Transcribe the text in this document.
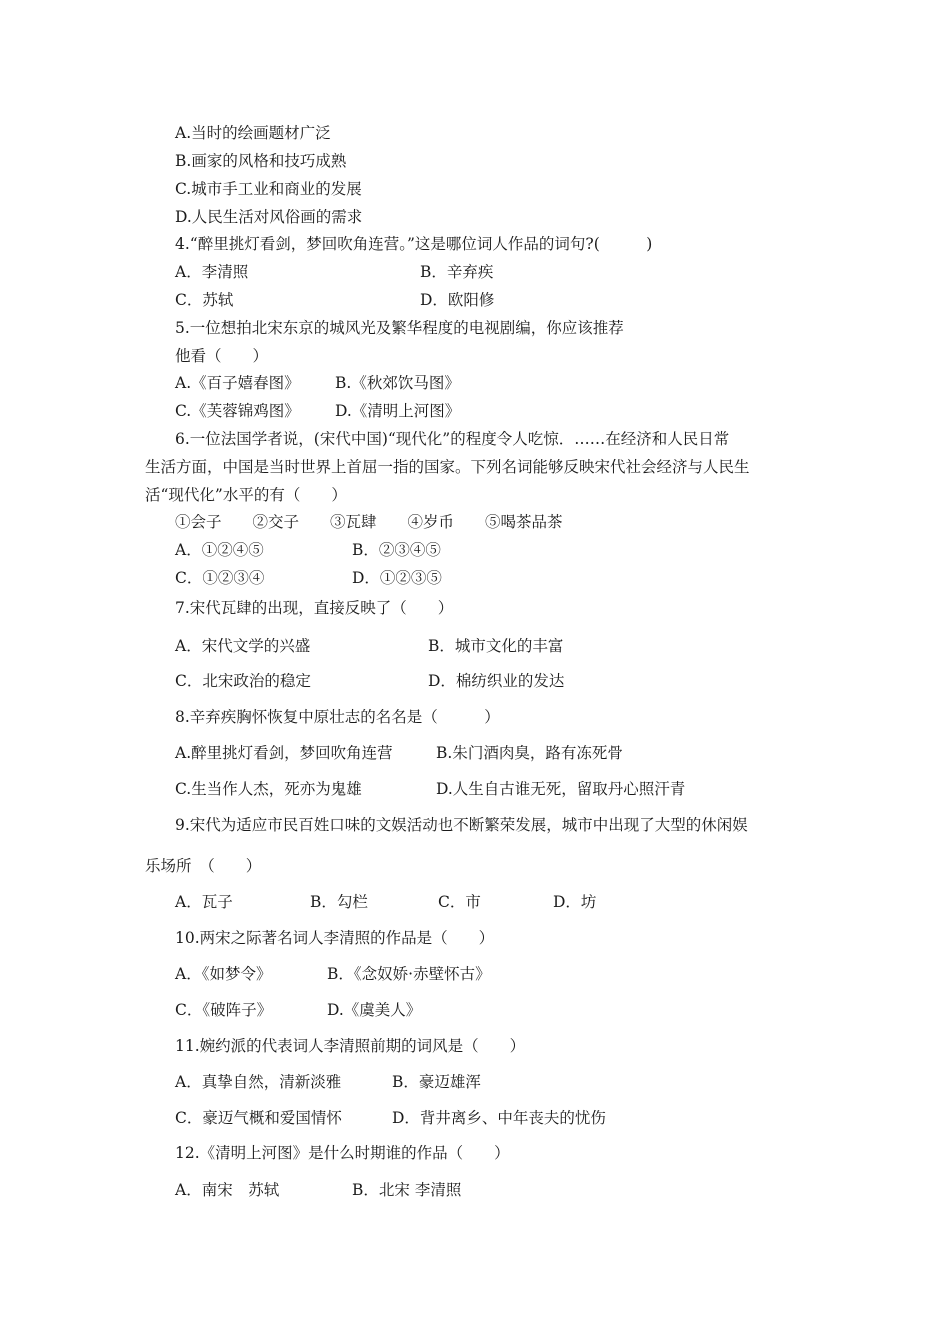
A.当时的绘画题材广泛
B.画家的风格和技巧成熟
C.城市手工业和商业的发展
D.人民生活对风俗画的需求
4.“醉里挑灯看剑，梦回吹角连营。”这是哪位词人作品的词句?(　　　)
A．李清照	B．辛弃疾
C．苏轼	D．欧阳修
5.一位想拍北宋东京的城风光及繁华程度的电视剧编，你应该推荐
他看（　　）
A.《百子嬉春图》 B.《秋郊饮马图》
C.《芙蓉锦鸡图》 D.《清明上河图》
6.一位法国学者说，(宋代中国)“现代化”的程度令人吃惊．……在经济和人民日常
生活方面，中国是当时世界上首屈一指的国家。下列名词能够反映宋代社会经济与人民生
活“现代化”水平的有（　　）
①会子　　②交子　　③瓦肆　　④岁币　　⑤喝茶品茶
A．①②④⑤	B．②③④⑤
C．①②③④	D．①②③⑤
7.宋代瓦肆的出现，直接反映了（　　）
A．宋代文学的兴盛	B．城市文化的丰富
C．北宋政治的稳定	D．棉纺织业的发达
8.辛弃疾胸怀恢复中原壮志的名名是（　　　）
A.醉里挑灯看剑，梦回吹角连营	B.朱门酒肉臭，路有冻死骨
C.生当作人杰，死亦为鬼雄	D.人生自古谁无死，留取丹心照汗青
9.宋代为适应市民百姓口味的文娱活动也不断繁荣发展，城市中出现了大型的休闲娱
乐场所　（　　）
A．瓦子	B．勾栏	C．市	D．坊
10.两宋之际著名词人李清照的作品是（　　）
A．《如梦令》	B．《念奴娇·赤壁怀古》
C．《破阵子》	D.《虞美人》
11.婉约派的代表词人李清照前期的词风是（　　）
A．真挚自然，清新淡雅	B．豪迈雄浑
C．豪迈气概和爱国情怀	D．背井离乡、中年丧夫的忧伤
12.《清明上河图》是什么时期谁的作品（　　）
A．南宋　苏轼	B．北宋 李清照
